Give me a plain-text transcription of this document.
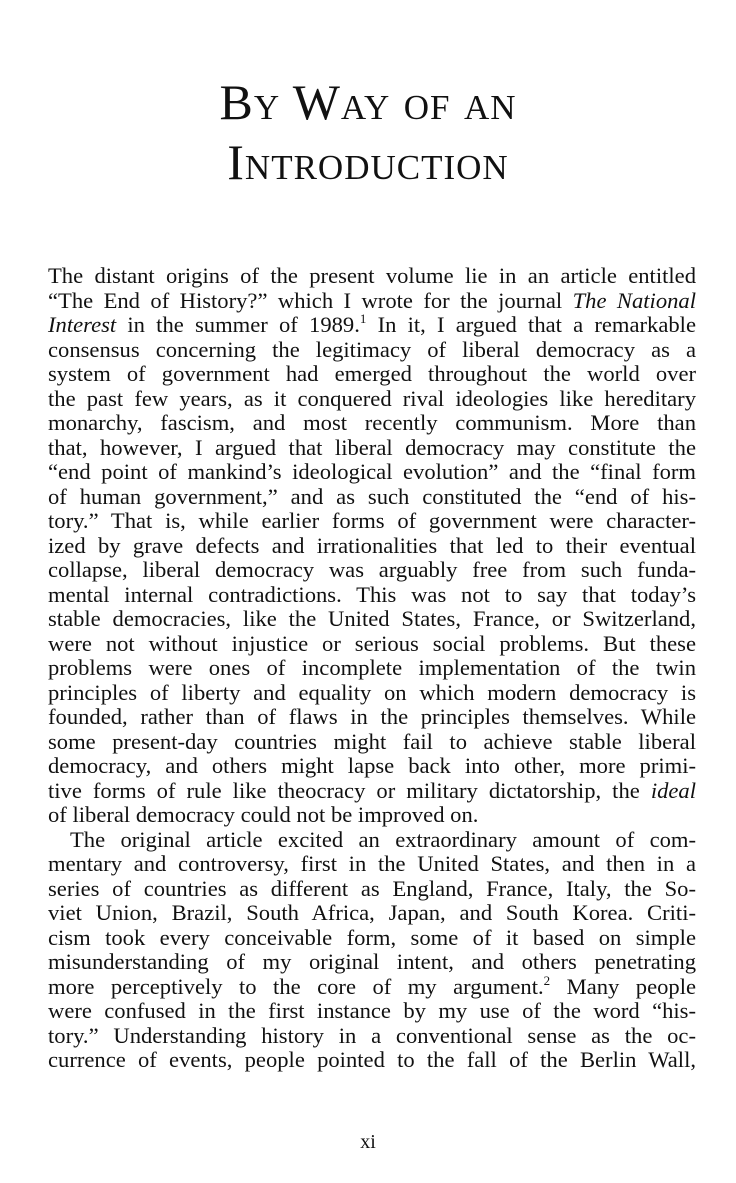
By Way of an
Introduction
The distant origins of the present volume lie in an article entitled
“The End of History?” which I wrote for the journal The National
Interest in the summer of 1989.$^1$ In it, I argued that a remarkable
consensus concerning the legitimacy of liberal democracy as a
system of government had emerged throughout the world over
the past few years, as it conquered rival ideologies like hereditary
monarchy, fascism, and most recently communism. More than
that, however, I argued that liberal democracy may constitute the
“end point of mankind’s ideological evolution” and the “final form
of human government,” and as such constituted the “end of his-
tory.” That is, while earlier forms of government were character-
ized by grave defects and irrationalities that led to their eventual
collapse, liberal democracy was arguably free from such funda-
mental internal contradictions. This was not to say that today’s
stable democracies, like the United States, France, or Switzerland,
were not without injustice or serious social problems. But these
problems were ones of incomplete implementation of the twin
principles of liberty and equality on which modern democracy is
founded, rather than of flaws in the principles themselves. While
some present-day countries might fail to achieve stable liberal
democracy, and others might lapse back into other, more primi-
tive forms of rule like theocracy or military dictatorship, the ideal
of liberal democracy could not be improved on.
The original article excited an extraordinary amount of com-
mentary and controversy, first in the United States, and then in a
series of countries as different as England, France, Italy, the So-
viet Union, Brazil, South Africa, Japan, and South Korea. Criti-
cism took every conceivable form, some of it based on simple
misunderstanding of my original intent, and others penetrating
more perceptively to the core of my argument.$^2$ Many people
were confused in the first instance by my use of the word “his-
tory.” Understanding history in a conventional sense as the oc-
currence of events, people pointed to the fall of the Berlin Wall,
xi
